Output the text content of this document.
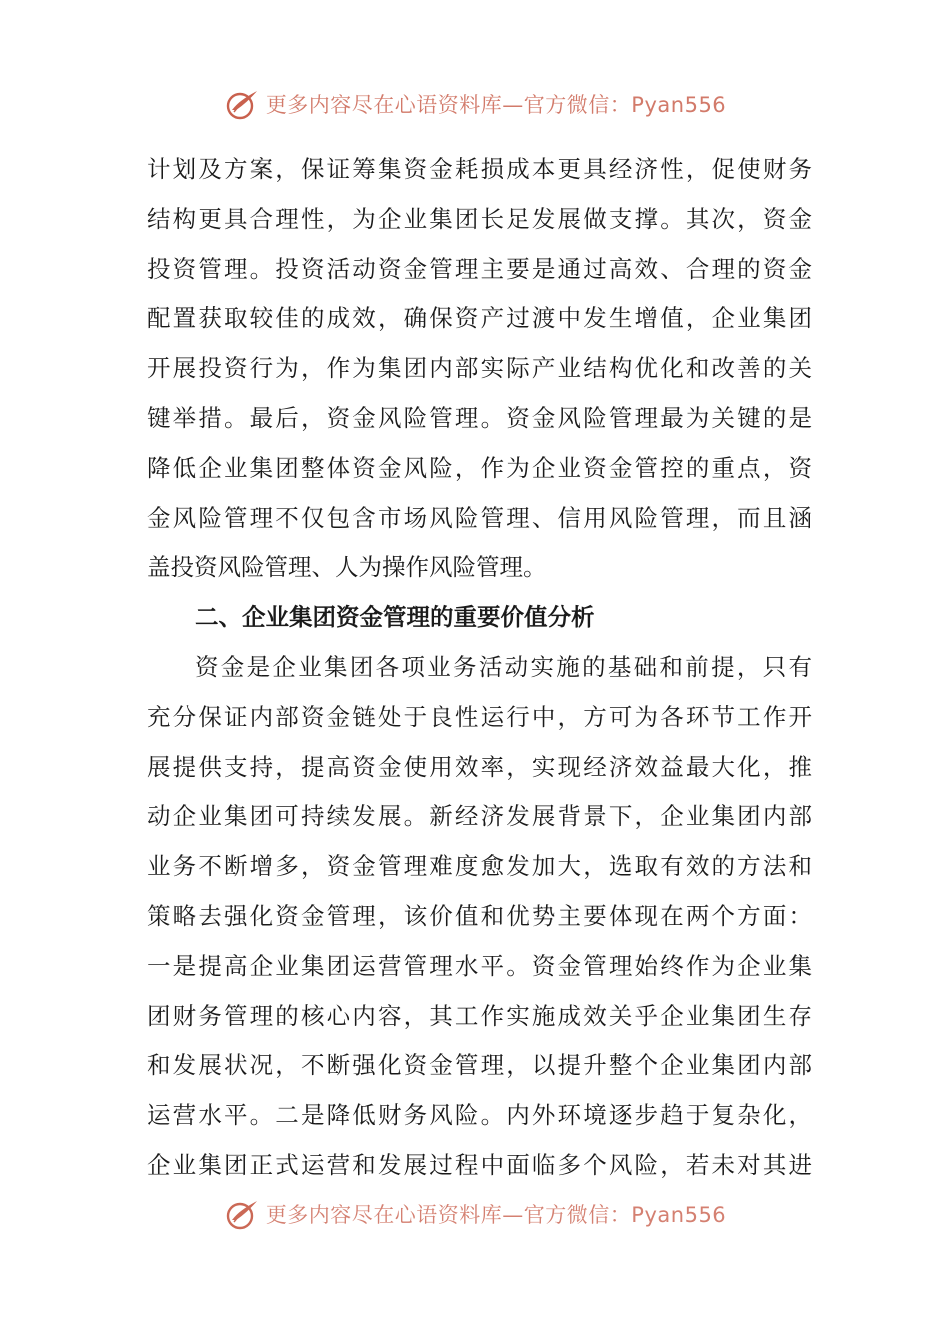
更多内容尽在心语资料库—官方微信：Pyan556
计划及方案，保证筹集资金耗损成本更具经济性，促使财务
结构更具合理性，为企业集团长足发展做支撑。其次，资金
投资管理。投资活动资金管理主要是通过高效、合理的资金
配置获取较佳的成效，确保资产过渡中发生增值，企业集团
开展投资行为，作为集团内部实际产业结构优化和改善的关
键举措。最后，资金风险管理。资金风险管理最为关键的是
降低企业集团整体资金风险，作为企业资金管控的重点，资
金风险管理不仅包含市场风险管理、信用风险管理，而且涵
盖投资风险管理、人为操作风险管理。
二、企业集团资金管理的重要价值分析
资金是企业集团各项业务活动实施的基础和前提，只有
充分保证内部资金链处于良性运行中，方可为各环节工作开
展提供支持，提高资金使用效率，实现经济效益最大化，推
动企业集团可持续发展。新经济发展背景下，企业集团内部
业务不断增多，资金管理难度愈发加大，选取有效的方法和
策略去强化资金管理，该价值和优势主要体现在两个方面：
一是提高企业集团运营管理水平。资金管理始终作为企业集
团财务管理的核心内容，其工作实施成效关乎企业集团生存
和发展状况，不断强化资金管理，以提升整个企业集团内部
运营水平。二是降低财务风险。内外环境逐步趋于复杂化，
企业集团正式运营和发展过程中面临多个风险，若未对其进
更多内容尽在心语资料库—官方微信：Pyan556
